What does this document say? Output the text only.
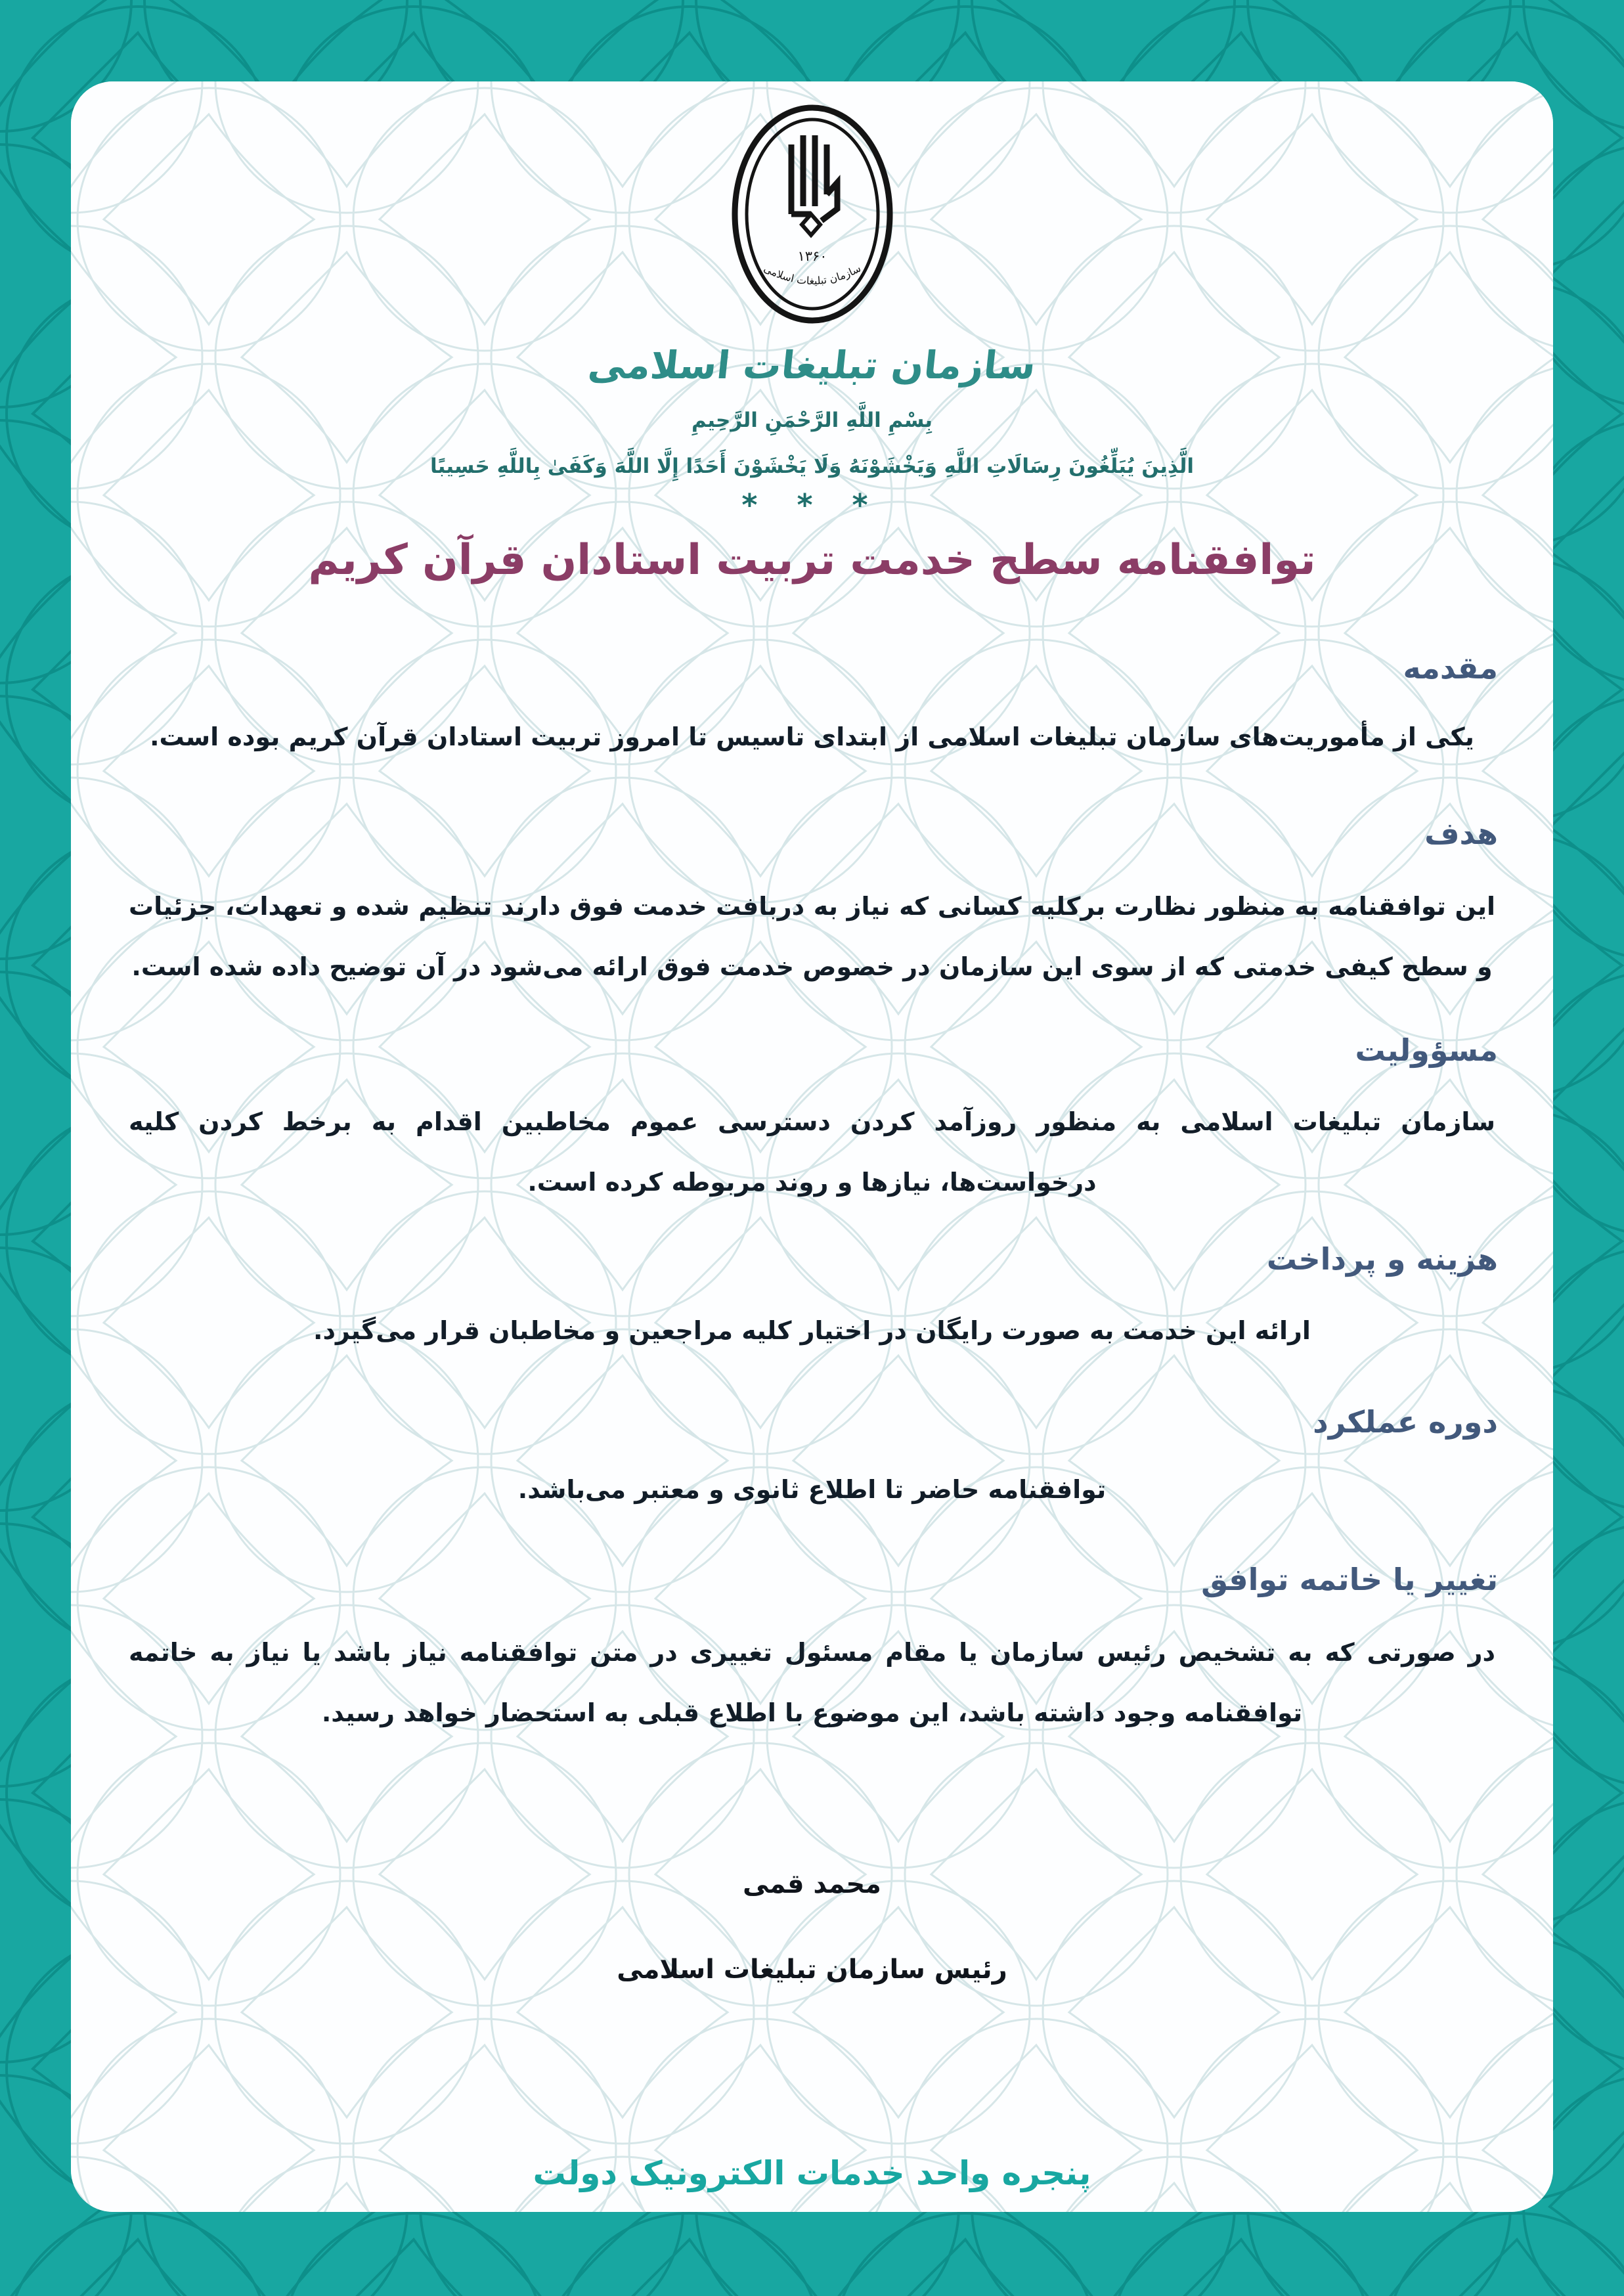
۱۳۶۰
سازمان تبلیغات اسلامی
سازمان تبلیغات اسلامی
بِسْمِ اللَّهِ الرَّحْمَنِ الرَّحِيمِ
الَّذِينَ يُبَلِّغُونَ رِسَالَاتِ اللَّهِ وَيَخْشَوْنَهُ وَلَا يَخْشَوْنَ أَحَدًا إِلَّا اللَّهَ وَكَفَىٰ بِاللَّهِ حَسِيبًا
* * *
توافقنامه سطح خدمت تربیت استادان قرآن کریم
مقدمه

یکی از مأموریت‌های سازمان تبلیغات اسلامی از ابتدای تاسیس تا امروز تربیت استادان قرآن کریم بوده است.

هدف

این توافقنامه به منظور نظارت برکلیه کسانی که نیاز به دربافت خدمت فوق دارند تنظیم شده و تعهدات، جزئیات و سطح کیفی خدمتی که از سوی این سازمان در خصوص خدمت فوق ارائه می‌شود در آن توضیح داده شده است.

مسؤولیت

سازمان تبلیغات اسلامی به منظور روزآمد کردن دسترسی عموم مخاطبین اقدام به برخط کردن کلیه درخواست‌ها، نیازها و روند مربوطه کرده است.

هزینه و پرداخت

ارائه این خدمت به صورت رایگان در اختیار کلیه مراجعین و مخاطبان قرار می‌گیرد.

دوره عملکرد

توافقنامه حاضر تا اطلاع ثانوی و معتبر می‌باشد.

تغییر یا خاتمه توافق

در صورتی که به تشخیص رئیس سازمان یا مقام مسئول تغییری در متن توافقنامه نیاز باشد یا نیاز به خاتمه توافقنامه وجود داشته باشد، این موضوع با اطلاع قبلی به استحضار خواهد رسید.

محمد قمی
رئیس سازمان تبلیغات اسلامی
پنجره واحد خدمات الکترونیک دولت
